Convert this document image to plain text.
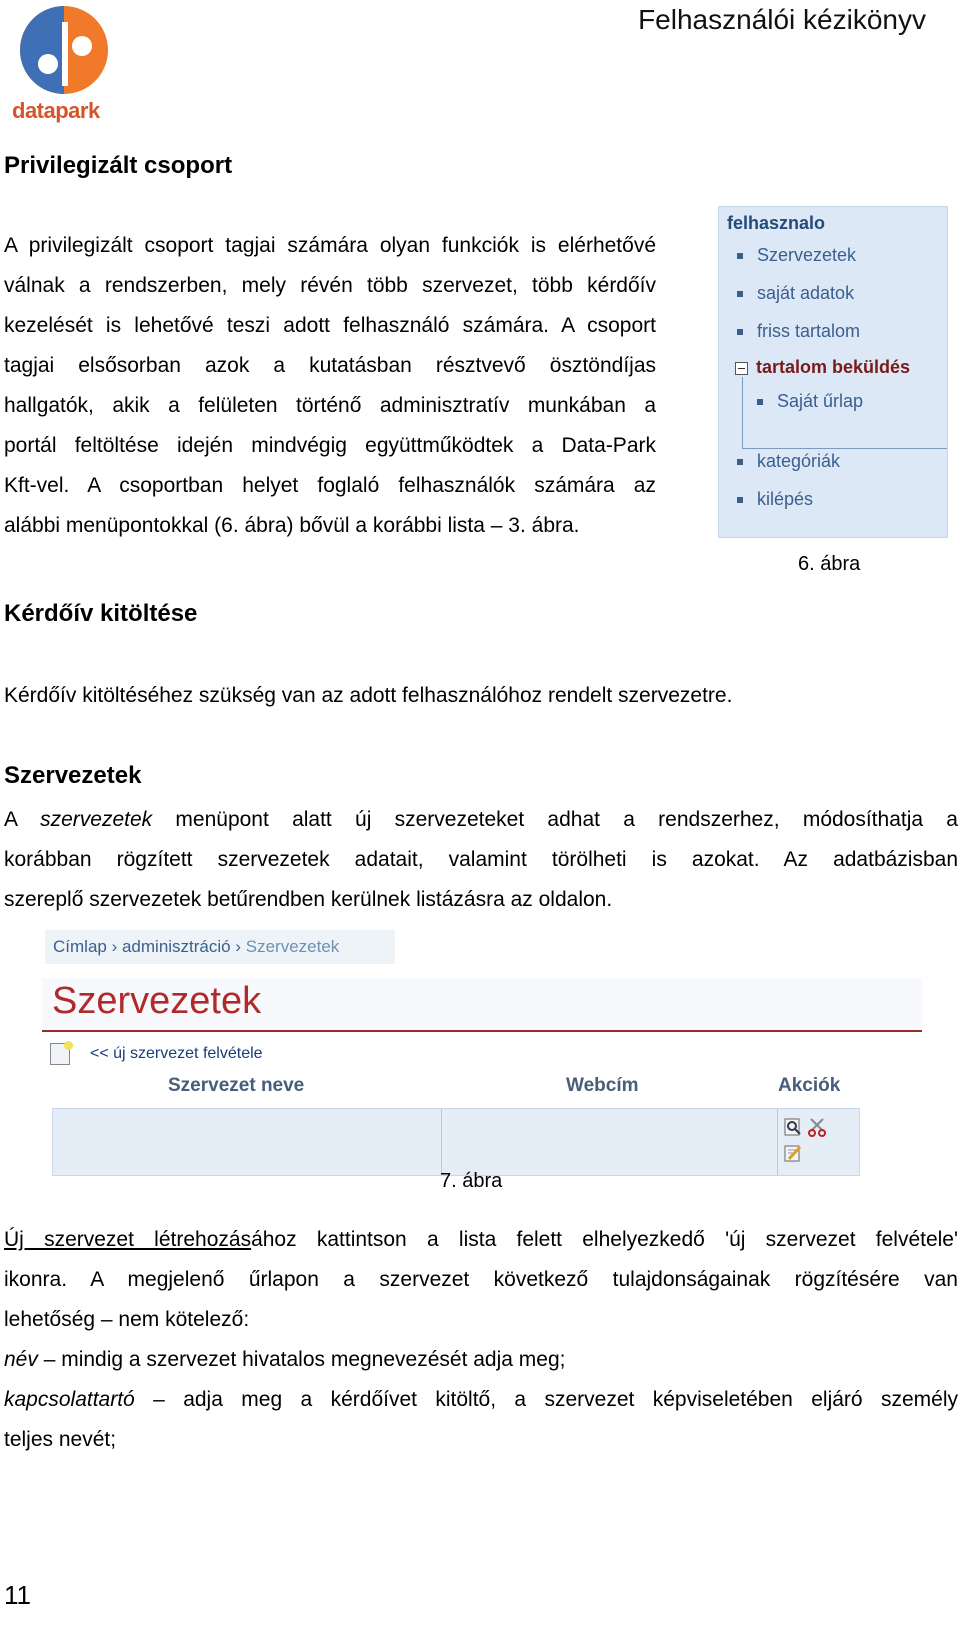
datapark
Felhasználói kézikönyv
Privilegizált csoport
A privilegizált csoport tagjai számára olyan funkciók is elérhetővé
válnak a rendszerben, mely révén több szervezet, több kérdőív
kezelését is lehetővé teszi adott felhasználó számára. A csoport
tagjai elsősorban azok a kutatásban résztvevő ösztöndíjas
hallgatók, akik a felületen történő adminisztratív munkában a
portál feltöltése idején mindvégig együttműködtek a Data-Park
Kft-vel. A csoportban helyet foglaló felhasználók számára az
alábbi menüpontokkal (6. ábra) bővül a korábbi lista – 3. ábra.
felhasznalo
Szervezetek
saját adatok
friss tartalom
tartalom beküldés
Saját űrlap
kategóriák
kilépés
6. ábra
Kérdőív kitöltése
Kérdőív kitöltéséhez szükség van az adott felhasználóhoz rendelt szervezetre.
Szervezetek
A szervezetek menüpont alatt új szervezeteket adhat a rendszerhez, módosíthatja a
korábban rögzített szervezetek adatait, valamint törölheti is azokat. Az adatbázisban
szereplő szervezetek betűrendben kerülnek listázásra az oldalon.
Címlap › adminisztráció › Szervezetek
Szervezetek
<< új szervezet felvétele
Szervezet neve	Webcím	Akciók
7. ábra
Új szervezet létrehozásához kattintson a lista felett elhelyezkedő 'új szervezet felvétele'
ikonra. A megjelenő űrlapon a szervezet következő tulajdonságainak rögzítésére van
lehetőség – nem kötelező:
név – mindig a szervezet hivatalos megnevezését adja meg;
kapcsolattartó – adja meg a kérdőívet kitöltő, a szervezet képviseletében eljáró személy
teljes nevét;
11
